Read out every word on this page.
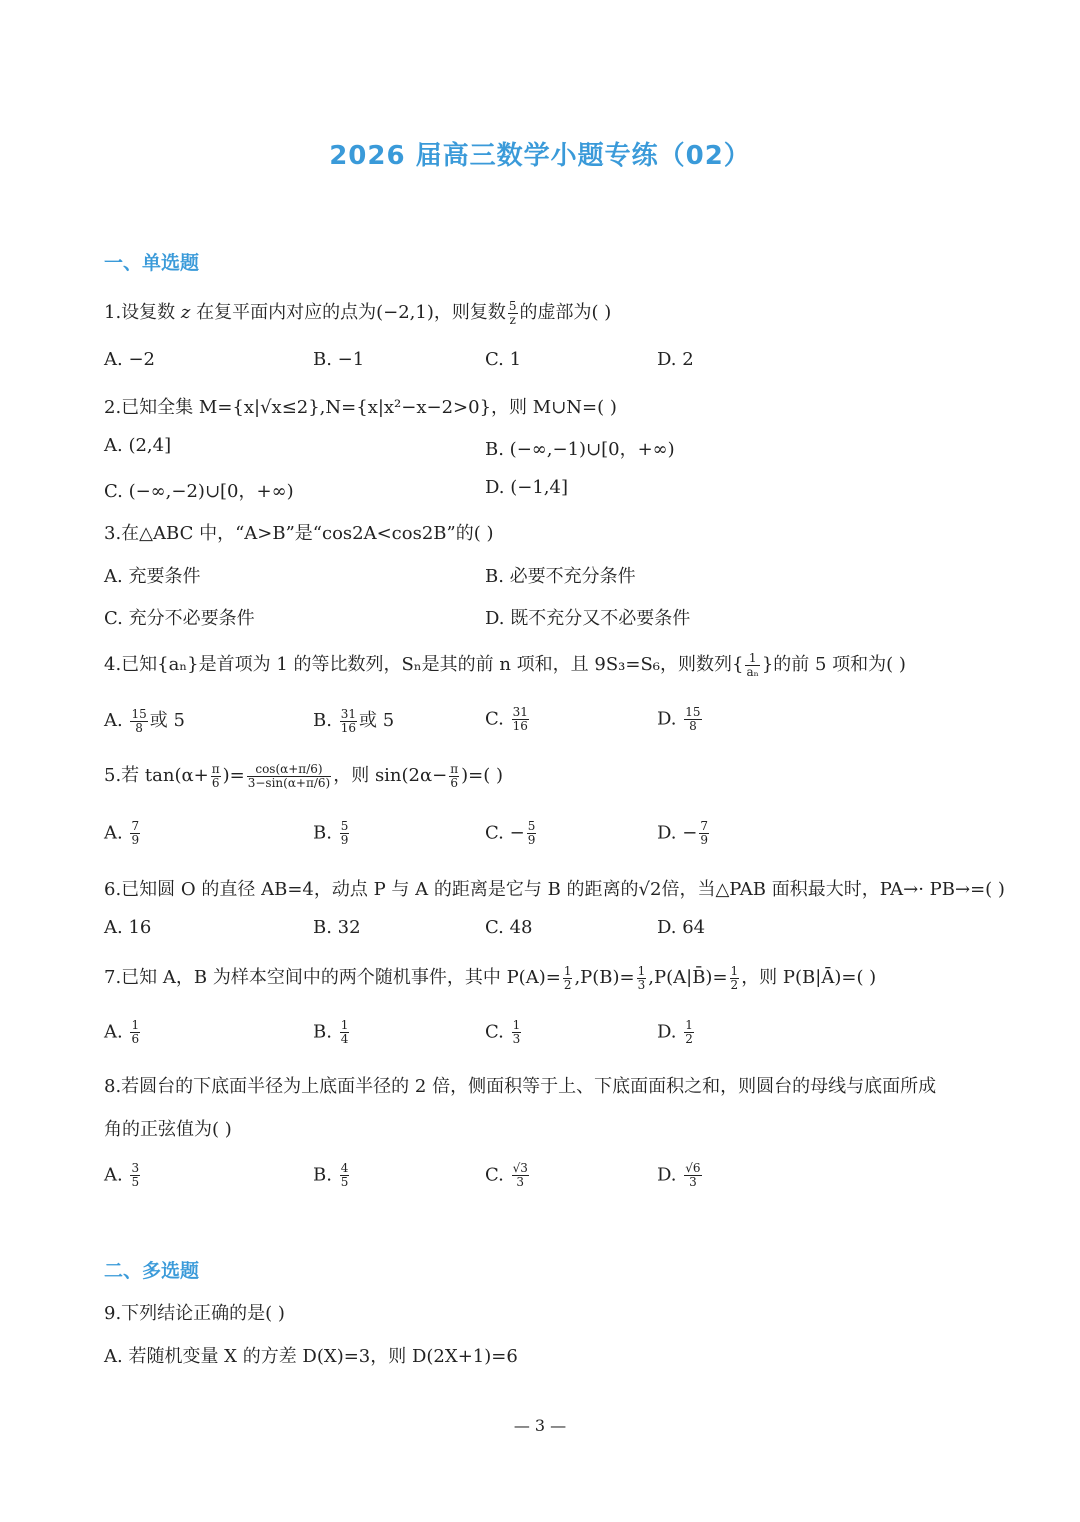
2026 届高三数学小题专练（02）
一、单选题
1.设复数 z 在复平面内对应的点为(−2,1)，则复数 $\frac{5}{z}$ 的虚部为( )
A. −2	B. −1	C. 1	D. 2
2.已知全集 M={x|√x≤2},N={x|x²−x−2>0}，则 M∪N=( )
A. (2,4]	B. (−∞,−1)∪[0，+∞)
C. (−∞,−2)∪[0，+∞)	D. (−1,4]
3.在△ABC 中，“A>B”是“cos2A<cos2B”的( )
A. 充要条件	B. 必要不充分条件
C. 充分不必要条件	D. 既不充分又不必要条件
4.已知{aₙ}是首项为 1 的等比数列，Sₙ是其的前 n 项和，且 9S₃=S₆，则数列{ $\frac{1}{\text{aₙ}}$ }的前 5 项和为( )
A. $\frac{15}{8}$ 或 5	B. $\frac{31}{16}$ 或 5	C. $\frac{31}{16}$	D. $\frac{15}{8}$
5.若 $\tan(\alpha+ \frac{\pi}{6}$ )= $\frac{\cos(\alpha+\pi/6)}{3-\sin(\alpha+\pi/6)}$ ，则 $\sin(2\alpha- \frac{\pi}{6}$ )=( )
A. $\frac{7}{9}$	B. $\frac{5}{9}$	C. − $\frac{5}{9}$	D. − $\frac{7}{9}$
6.已知圆 O 的直径 AB=4，动点 P 与 A 的距离是它与 B 的距离的√2倍，当△PAB 面积最大时，PA→· PB→=( )
A. 16	B. 32	C. 48	D. 64
7.已知 A，B 为样本空间中的两个随机事件，其中 $P(A)= \frac{1}{2} ,P(B)= \frac{1}{3}$ ,P(A|B̄)= $\frac{1}{2}$ ，则 P(B|Ā)=( )
A. $\frac{1}{6}$	B. $\frac{1}{4}$	C. $\frac{1}{3}$	D. $\frac{1}{2}$
8.若圆台的下底面半径为上底面半径的 2 倍，侧面积等于上、下底面面积之和，则圆台的母线与底面所成
角的正弦值为( )
A. $\frac{3}{5}$	B. $\frac{4}{5}$	C. $\frac{√3}{3}$	D. $\frac{√6}{3}$
二、多选题
9.下列结论正确的是( )
A. 若随机变量 X 的方差 D(X)=3，则 D(2X+1)=6
— 3 —
